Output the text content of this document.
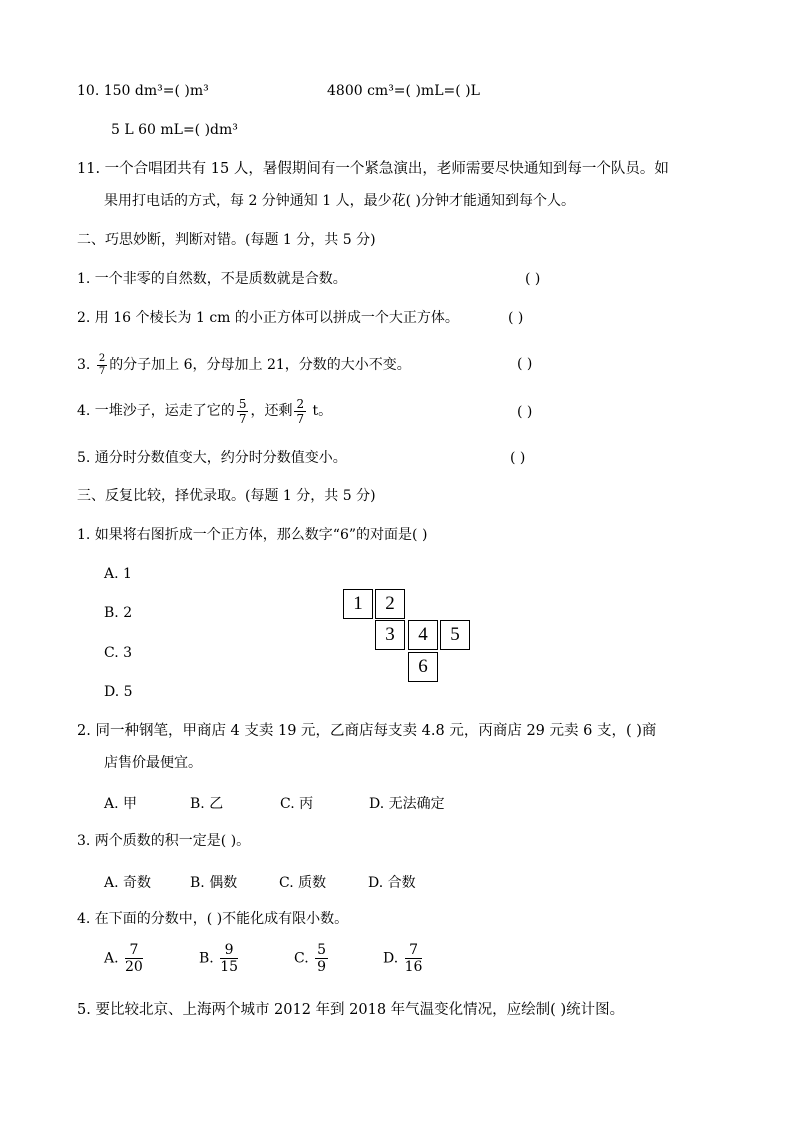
10. 150 dm³=( )m³	4800 cm³=( )mL=( )L
5 L 60 mL=( )dm³
11. 一个合唱团共有 15 人，暑假期间有一个紧急演出，老师需要尽快通知到每一个队员。如
果用打电话的方式，每 2 分钟通知 1 人，最少花( )分钟才能通知到每个人。
二、巧思妙断，判断对错。(每题 1 分，共 5 分)
1. 一个非零的自然数，不是质数就是合数。	( )
2. 用 16 个棱长为 1 cm 的小正方体可以拼成一个大正方体。	( )
3. $\frac{2}{7}$ 的分子加上 6，分母加上 21，分数的大小不变。	( )
4. 一堆沙子，运走了它的 $\frac{5}{7}$ ，还剩 $\frac{2}{7}$ t。	( )
5. 通分时分数值变大，约分时分数值变小。	( )
三、反复比较，择优录取。(每题 1 分，共 5 分)
1. 如果将右图折成一个正方体，那么数字“6”的对面是( )
A. 1
B. 2
C. 3
D. 5
1	2
3	4	5
6
2. 同一种钢笔，甲商店 4 支卖 19 元，乙商店每支卖 4.8 元，丙商店 29 元卖 6 支，( )商
店售价最便宜。
A. 甲	B. 乙	C. 丙	D. 无法确定
3. 两个质数的积一定是( )。
A. 奇数	B. 偶数	C. 质数	D. 合数
4. 在下面的分数中，( )不能化成有限小数。
A. $\frac{7}{20}$	B. $\frac{9}{15}$	C. $\frac{5}{9}$	D. $\frac{7}{16}$
5. 要比较北京、上海两个城市 2012 年到 2018 年气温变化情况，应绘制( )统计图。
